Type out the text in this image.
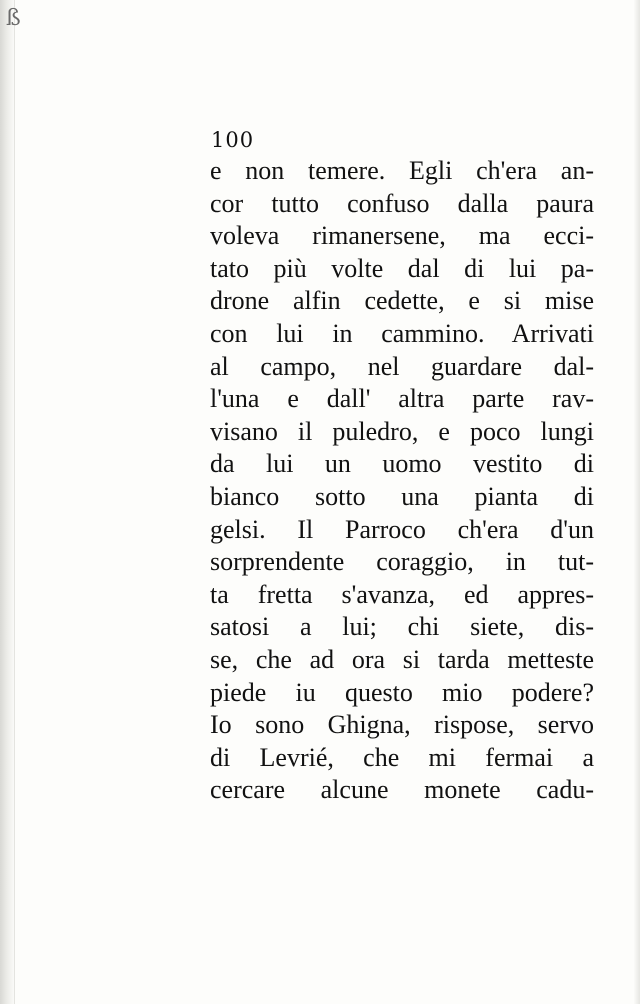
ß
100
e non temere. Egli ch'era an-
cor tutto confuso dalla paura
voleva rimanersene, ma ecci-
tato più volte dal di lui pa-
drone alfin cedette, e si mise
con lui in cammino. Arrivati
al campo, nel guardare dal-
l'una e dall' altra parte rav-
visano il puledro, e poco lungi
da lui un uomo vestito di
bianco sotto una pianta di
gelsi. Il Parroco ch'era d'un
sorprendente coraggio, in tut-
ta fretta s'avanza, ed appres-
satosi a lui; chi siete, dis-
se, che ad ora si tarda metteste
piede iu questo mio podere?
Io sono Ghigna, rispose, servo
di Levrié, che mi fermai a
cercare alcune monete cadu-
